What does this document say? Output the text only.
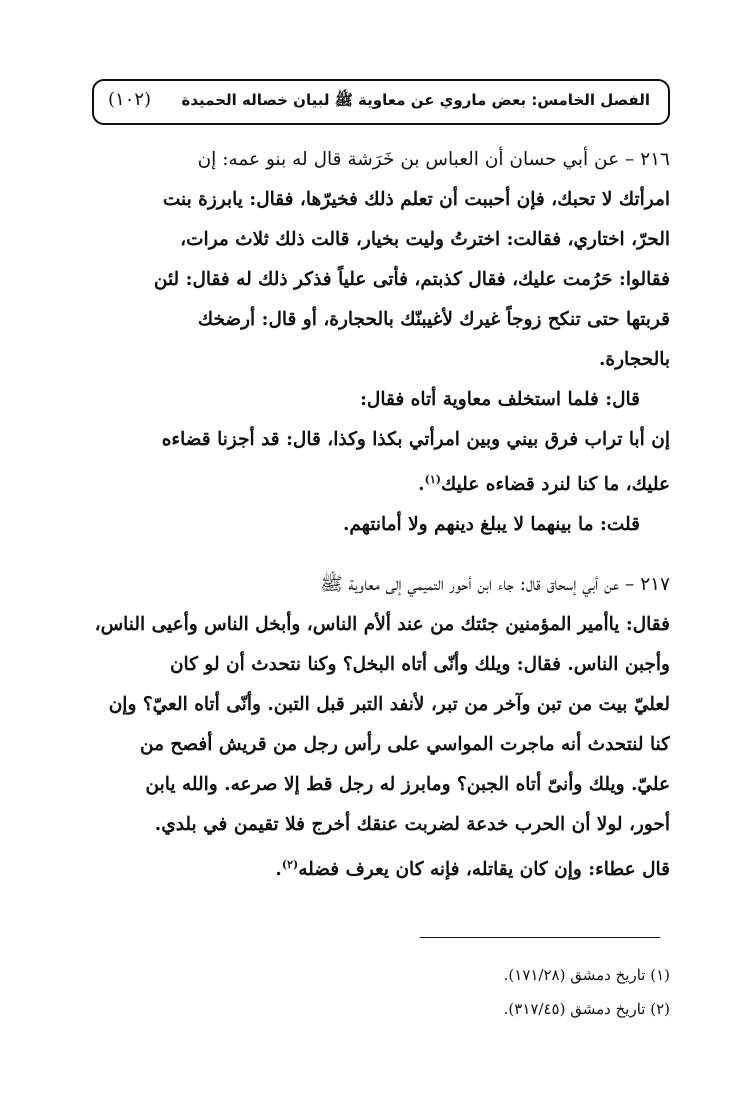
الفصل الخامس: بعض ماروي عن معاوية ﷺ لبيان خصاله الحميدة
(١٠٢)
٢١٦ – عن أبي حسان أن العباس بن خَرَشة قال له بنو عمه: إن
امرأتك لا تحبك، فإن أحببت أن تعلم ذلك فخيرّها، فقال: يابرزة بنت
الحرّ، اختاري، فقالت: اخترتُ وليت بخيار، قالت ذلك ثلاث مرات،
فقالوا: حَرُمت عليك، فقال كذبتم، فأتى علياً فذكر ذلك له فقال: لئن
قربتها حتى تنكح زوجاً غيرك لأغيبنّك بالحجارة، أو قال: أرضخك
بالحجارة.
قال: فلما استخلف معاوية أتاه فقال:
إن أبا تراب فرق بيني وبين امرأتي بكذا وكذا، قال: قد أجزنا قضاءه
عليك، ما كنا لنرد قضاءه عليك$^{(١)}$.
قلت: ما بينهما لا يبلغ دينهم ولا أمانتهم.
٢١٧ – عن أبي إسحاق قال: جاء ابن أحور التميمي إلى معاوية ﷺ
فقال: ياأمير المؤمنين جئتك من عند ألأم الناس، وأبخل الناس وأعيى الناس،
وأجبن الناس. فقال: ويلك وأنّى أتاه البخل؟ وكنا نتحدث أن لو كان
لعليّ بيت من تبن وآخر من تبر، لأنفد التبر قبل التبن. وأنّى أتاه العيّ؟ وإن
كنا لنتحدث أنه ماجرت المواسي على رأس رجل من قريش أفصح من
عليّ. ويلك وأنىّ أتاه الجبن؟ ومابرز له رجل قط إلا صرعه. والله يابن
أحور، لولا أن الحرب خدعة لضربت عنقك أخرج فلا تقيمن في بلدي.
قال عطاء: وإن كان يقاتله، فإنه كان يعرف فضله$^{(٢)}$.
(١) تاريخ دمشق (١٧١/٢٨).
(٢) تاريخ دمشق (٣١٧/٤٥).
